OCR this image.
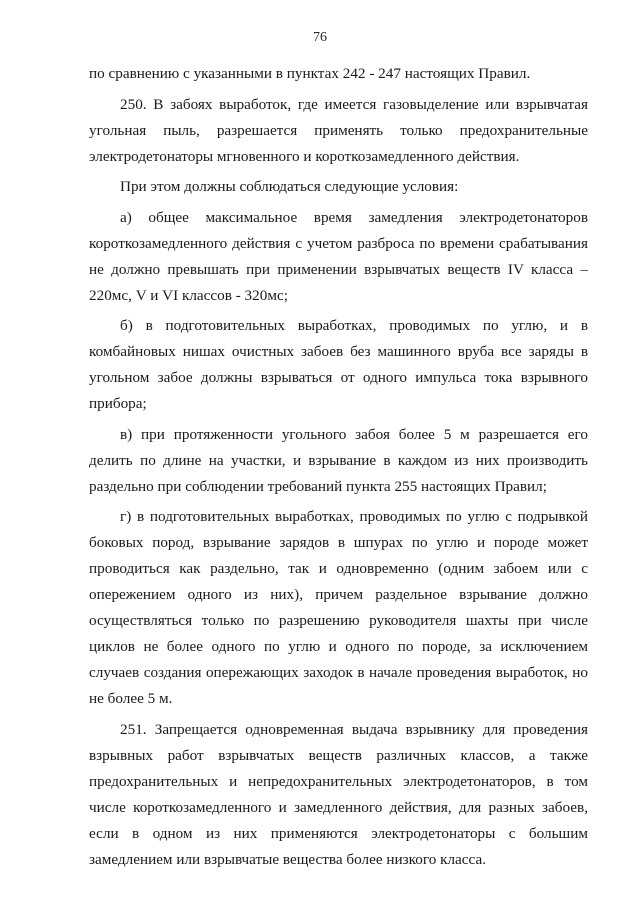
76

по сравнению с указанными в пунктах 242 - 247 настоящих Правил.

250. В забоях выработок, где имеется газовыделение или взрывчатая угольная пыль, разрешается применять только предохранительные электродетонаторы мгновенного и короткозамедленного действия.

При этом должны соблюдаться следующие условия:

а) общее максимальное время замедления электродетонаторов короткозамедленного действия с учетом разброса по времени срабатывания не должно превышать при применении взрывчатых веществ IV класса – 220мс, V и VI классов - 320мс;

б) в подготовительных выработках, проводимых по углю, и в комбайновых нишах очистных забоев без машинного вруба все заряды в угольном забое должны взрываться от одного импульса тока взрывного прибора;

в) при протяженности угольного забоя более 5 м разрешается его делить по длине на участки, и взрывание в каждом из них производить раздельно при соблюдении требований пункта 255 настоящих Правил;

г) в подготовительных выработках, проводимых по углю с подрывкой боковых пород, взрывание зарядов в шпурах по углю и породе может проводиться как раздельно, так и одновременно (одним забоем или с опережением одного из них), причем раздельное взрывание должно осуществляться только по разрешению руководителя шахты при числе циклов не более одного по углю и одного по породе, за исключением случаев создания опережающих заходок в начале проведения выработок, но не более 5 м.

251. Запрещается одновременная выдача взрывнику для проведения взрывных работ взрывчатых веществ различных классов, а также предохранительных и непредохранительных электродетонаторов, в том числе короткозамедленного и замедленного действия, для разных забоев, если в одном из них применяются электродетонаторы с большим замедлением или взрывчатые вещества более низкого класса.
